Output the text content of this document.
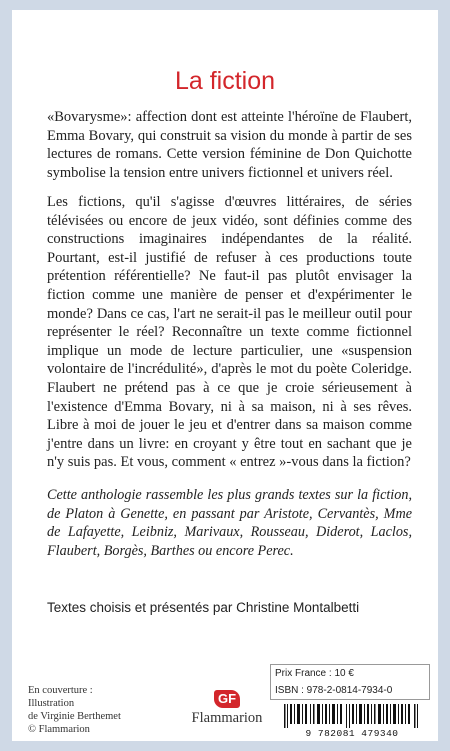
La fiction

«Bovarysme»: affection dont est atteinte l'héroïne de Flaubert, Emma Bovary, qui construit sa vision du monde à partir de ses lectures de romans. Cette version féminine de Don Quichotte symbolise la tension entre univers fictionnel et univers réel.

Les fictions, qu'il s'agisse d'œuvres littéraires, de séries télévisées ou encore de jeux vidéo, sont définies comme des constructions imaginaires indépendantes de la réalité. Pourtant, est-il justifié de refuser à ces productions toute prétention référentielle? Ne faut-il pas plutôt envisager la fiction comme une manière de penser et d'expérimenter le monde? Dans ce cas, l'art ne serait-il pas le meilleur outil pour représenter le réel? Reconnaître un texte comme fictionnel implique un mode de lecture particulier, une «suspension volontaire de l'incrédulité», d'après le mot du poète Coleridge. Flaubert ne prétend pas à ce que je croie sérieusement à l'existence d'Emma Bovary, ni à sa maison, ni à ses rêves. Libre à moi de jouer le jeu et d'entrer dans sa maison comme j'entre dans un livre: en croyant y être tout en sachant que je n'y suis pas. Et vous, comment « entrez »-vous dans la fiction?

Cette anthologie rassemble les plus grands textes sur la fiction, de Platon à Genette, en passant par Aristote, Cervantès, Mme de Lafayette, Leibniz, Marivaux, Rousseau, Diderot, Laclos, Flaubert, Borgès, Barthes ou encore Perec.

Textes choisis et présentés par Christine Montalbetti
En couverture :
Illustration
de Virginie Berthemet
© Flammarion
GF
Flammarion
Prix France : 10 €
ISBN : 978-2-0814-7934-0
9 782081 479340
